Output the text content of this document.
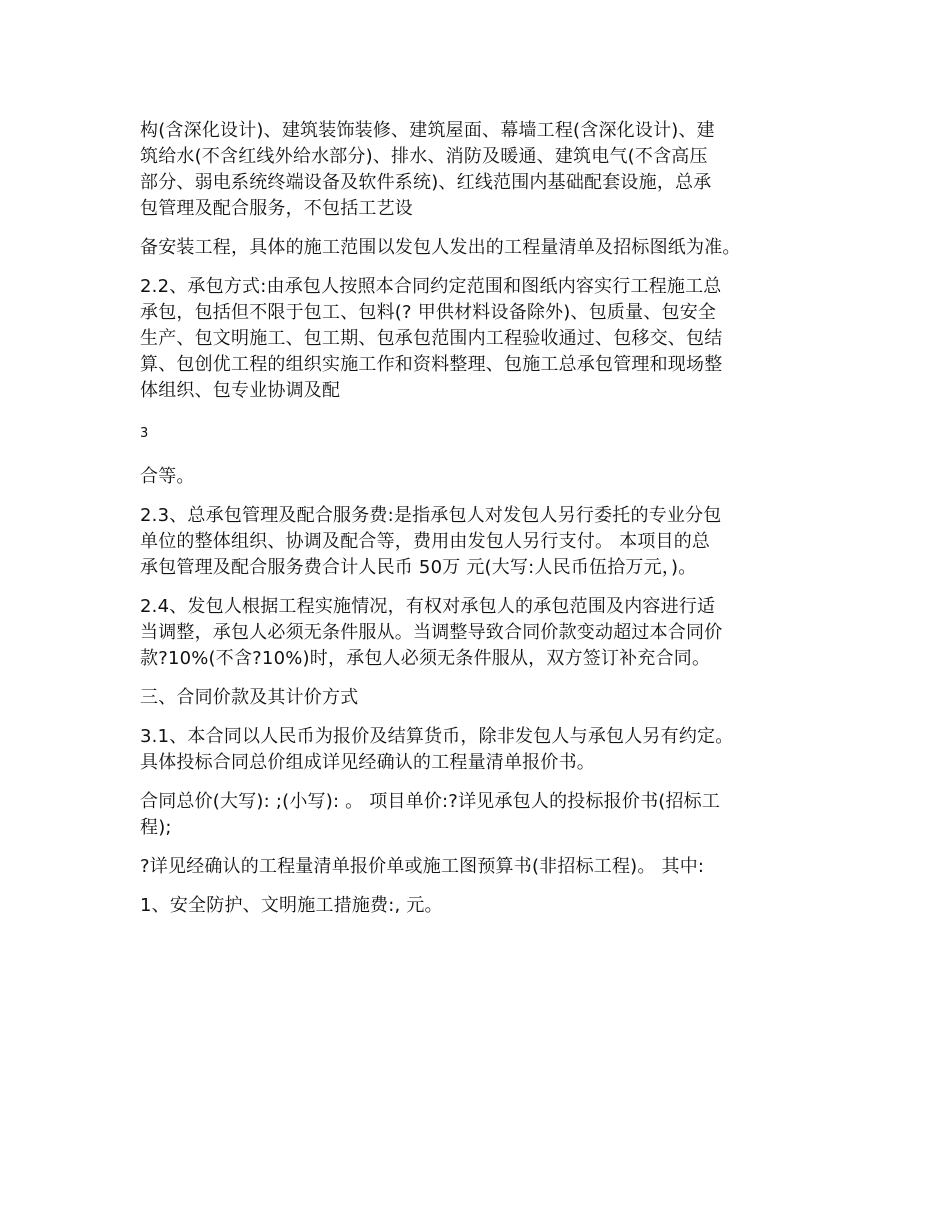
构(含深化设计)、建筑装饰装修、建筑屋面、幕墙工程(含深化设计)、建
筑给水(不含红线外给水部分)、排水、消防及暖通、建筑电气(不含高压
部分、弱电系统终端设备及软件系统)、红线范围内基础配套设施，总承
包管理及配合服务，不包括工艺设

备安装工程，具体的施工范围以发包人发出的工程量清单及招标图纸为准。

2.2、承包方式:由承包人按照本合同约定范围和图纸内容实行工程施工总
承包，包括但不限于包工、包料(? 甲供材料设备除外)、包质量、包安全
生产、包文明施工、包工期、包承包范围内工程验收通过、包移交、包结
算、包创优工程的组织实施工作和资料整理、包施工总承包管理和现场整
体组织、包专业协调及配

3

合等。

2.3、总承包管理及配合服务费:是指承包人对发包人另行委托的专业分包
单位的整体组织、协调及配合等，费用由发包人另行支付。 本项目的总
承包管理及配合服务费合计人民币 50万 元(大写:人民币伍拾万元，)。

2.4、发包人根据工程实施情况，有权对承包人的承包范围及内容进行适
当调整，承包人必须无条件服从。当调整导致合同价款变动超过本合同价
款?10%(不含?10%)时，承包人必须无条件服从，双方签订补充合同。

三、合同价款及其计价方式

3.1、本合同以人民币为报价及结算货币，除非发包人与承包人另有约定。
具体投标合同总价组成详见经确认的工程量清单报价书。

合同总价(大写): ;(小写): 。 项目单价:?详见承包人的投标报价书(招标工
程);

?详见经确认的工程量清单报价单或施工图预算书(非招标工程)。 其中:

1、安全防护、文明施工措施费:, 元。
